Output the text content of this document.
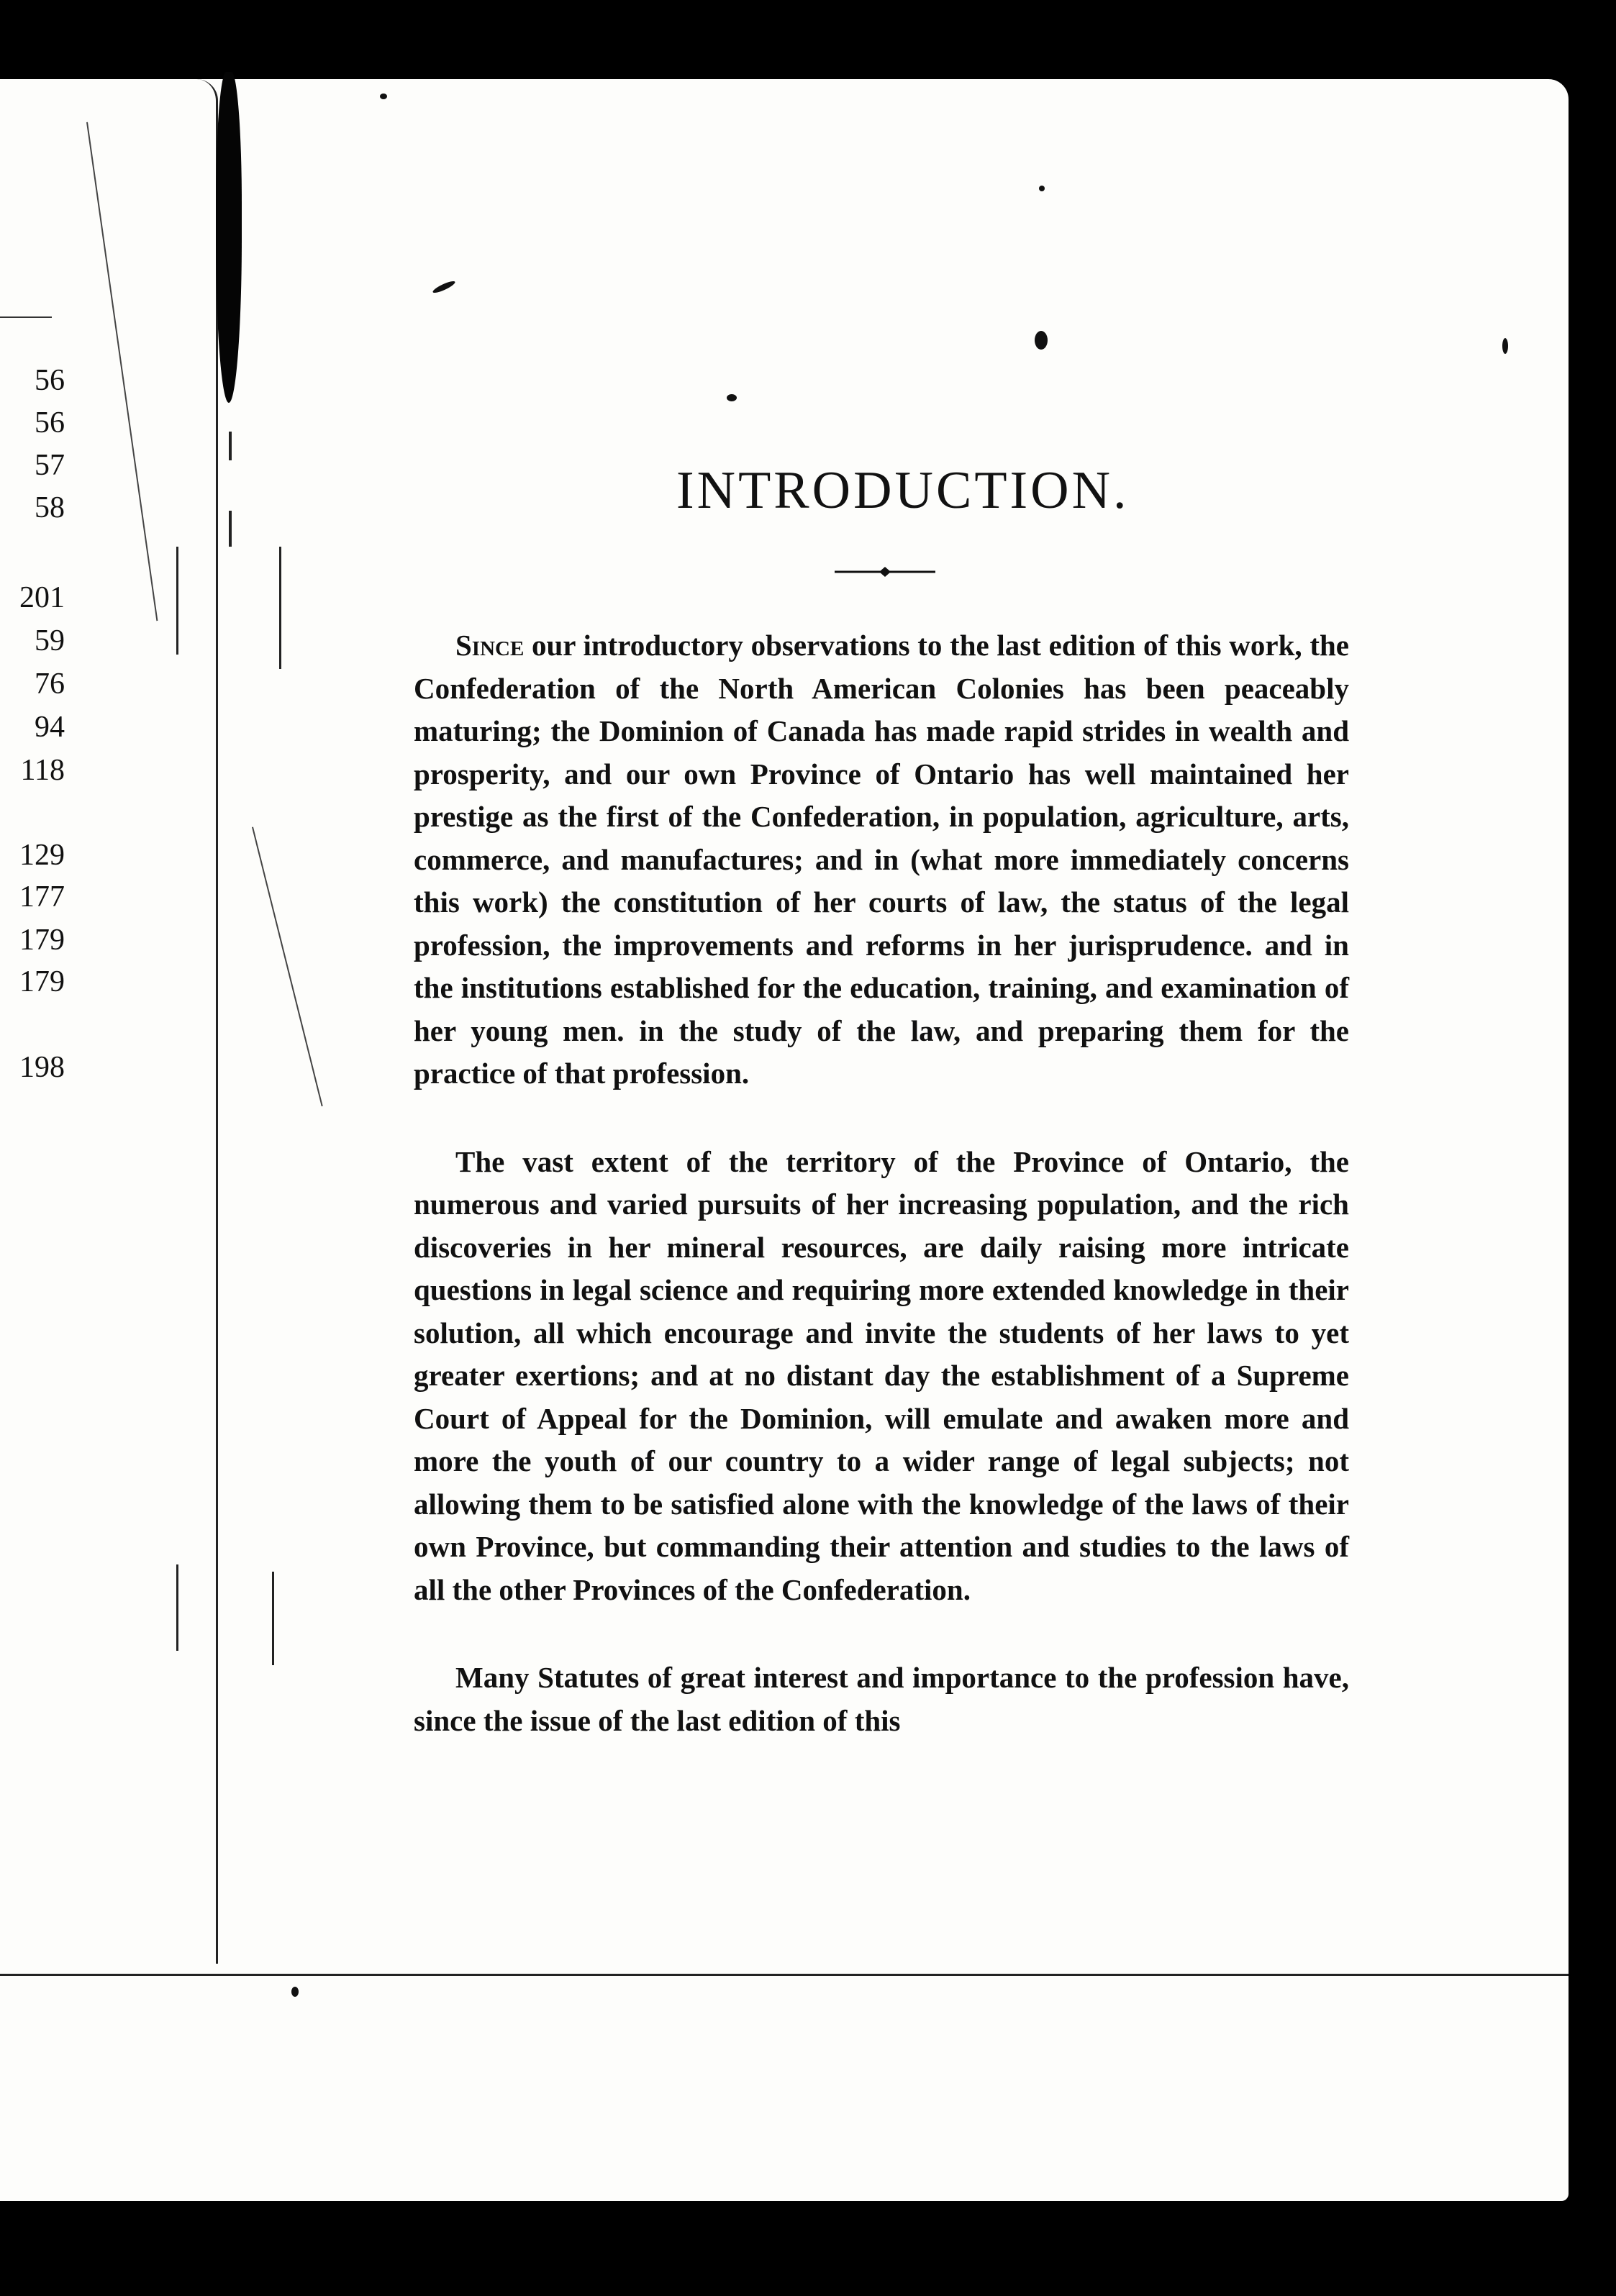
56
56
57
58
201
59
76
94
118
129
177
179
179
198
INTRODUCTION.

Since our introductory observations to the last edition of this work, the Confederation of the North American Colonies has been peaceably maturing; the Dominion of Canada has made rapid strides in wealth and prosperity, and our own Province of Ontario has well maintained her prestige as the first of the Confederation, in population, agriculture, arts, commerce, and manufactures; and in (what more immediately concerns this work) the constitution of her courts of law, the status of the legal profession, the improvements and reforms in her jurisprudence. and in the institutions established for the education, training, and examination of her young men. in the study of the law, and preparing them for the practice of that profession.

The vast extent of the territory of the Province of Ontario, the numerous and varied pursuits of her increasing population, and the rich discoveries in her mineral resources, are daily raising more intricate questions in legal science and requiring more extended knowledge in their solution, all which encourage and invite the students of her laws to yet greater exertions; and at no distant day the establishment of a Supreme Court of Appeal for the Dominion, will emulate and awaken more and more the youth of our country to a wider range of legal subjects; not allowing them to be satisfied alone with the knowledge of the laws of their own Province, but commanding their attention and studies to the laws of all the other Provinces of the Confederation.

Many Statutes of great interest and importance to the profession have, since the issue of the last edition of this
